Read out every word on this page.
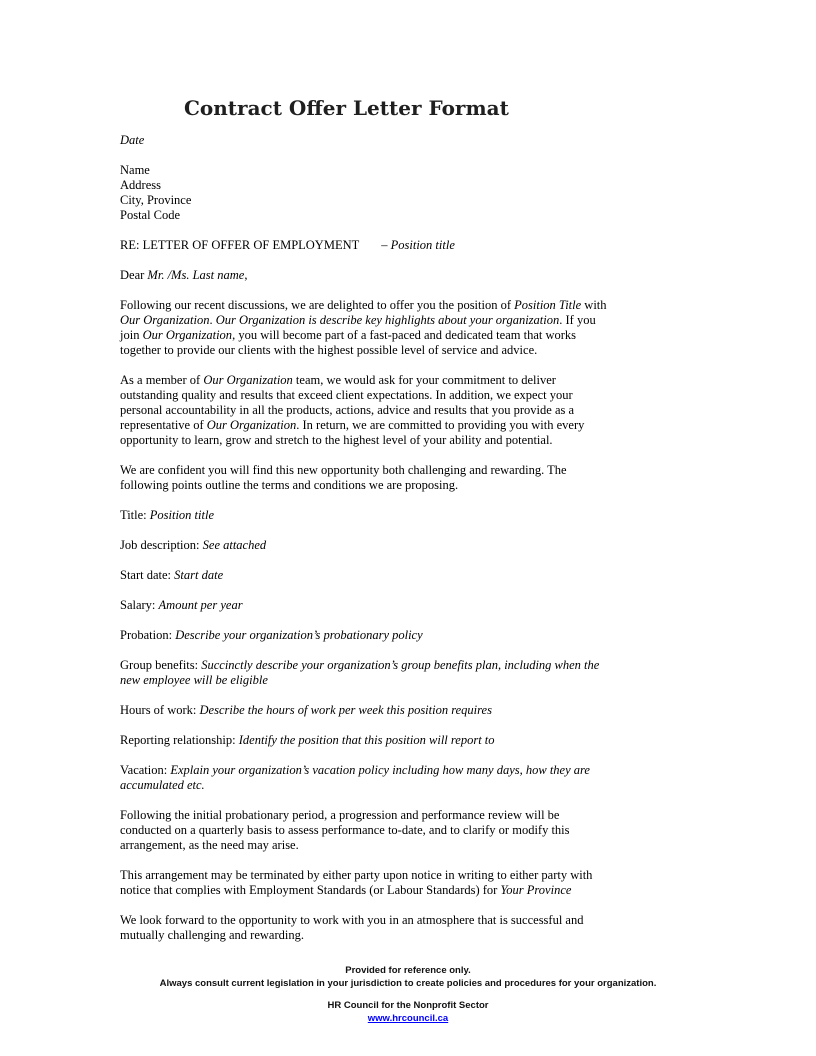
Contract Offer Letter Format
Date
Name
Address
City, Province
Postal Code
RE: LETTER OF OFFER OF EMPLOYMENT – Position title
Dear Mr. /Ms. Last name,
Following our recent discussions, we are delighted to offer you the position of Position Title with
Our Organization. Our Organization is describe key highlights about your organization. If you
join Our Organization, you will become part of a fast-paced and dedicated team that works
together to provide our clients with the highest possible level of service and advice.
As a member of Our Organization team, we would ask for your commitment to deliver
outstanding quality and results that exceed client expectations. In addition, we expect your
personal accountability in all the products, actions, advice and results that you provide as a
representative of Our Organization. In return, we are committed to providing you with every
opportunity to learn, grow and stretch to the highest level of your ability and potential.
We are confident you will find this new opportunity both challenging and rewarding. The
following points outline the terms and conditions we are proposing.
Title: Position title
Job description: See attached
Start date: Start date
Salary: Amount per year
Probation: Describe your organization’s probationary policy
Group benefits: Succinctly describe your organization’s group benefits plan, including when the
new employee will be eligible
Hours of work: Describe the hours of work per week this position requires
Reporting relationship: Identify the position that this position will report to
Vacation: Explain your organization’s vacation policy including how many days, how they are
accumulated etc.
Following the initial probationary period, a progression and performance review will be
conducted on a quarterly basis to assess performance to-date, and to clarify or modify this
arrangement, as the need may arise.
This arrangement may be terminated by either party upon notice in writing to either party with
notice that complies with Employment Standards (or Labour Standards) for Your Province
We look forward to the opportunity to work with you in an atmosphere that is successful and
mutually challenging and rewarding.
Provided for reference only.
Always consult current legislation in your jurisdiction to create policies and procedures for your organization.
HR Council for the Nonprofit Sector
www.hrcouncil.ca
